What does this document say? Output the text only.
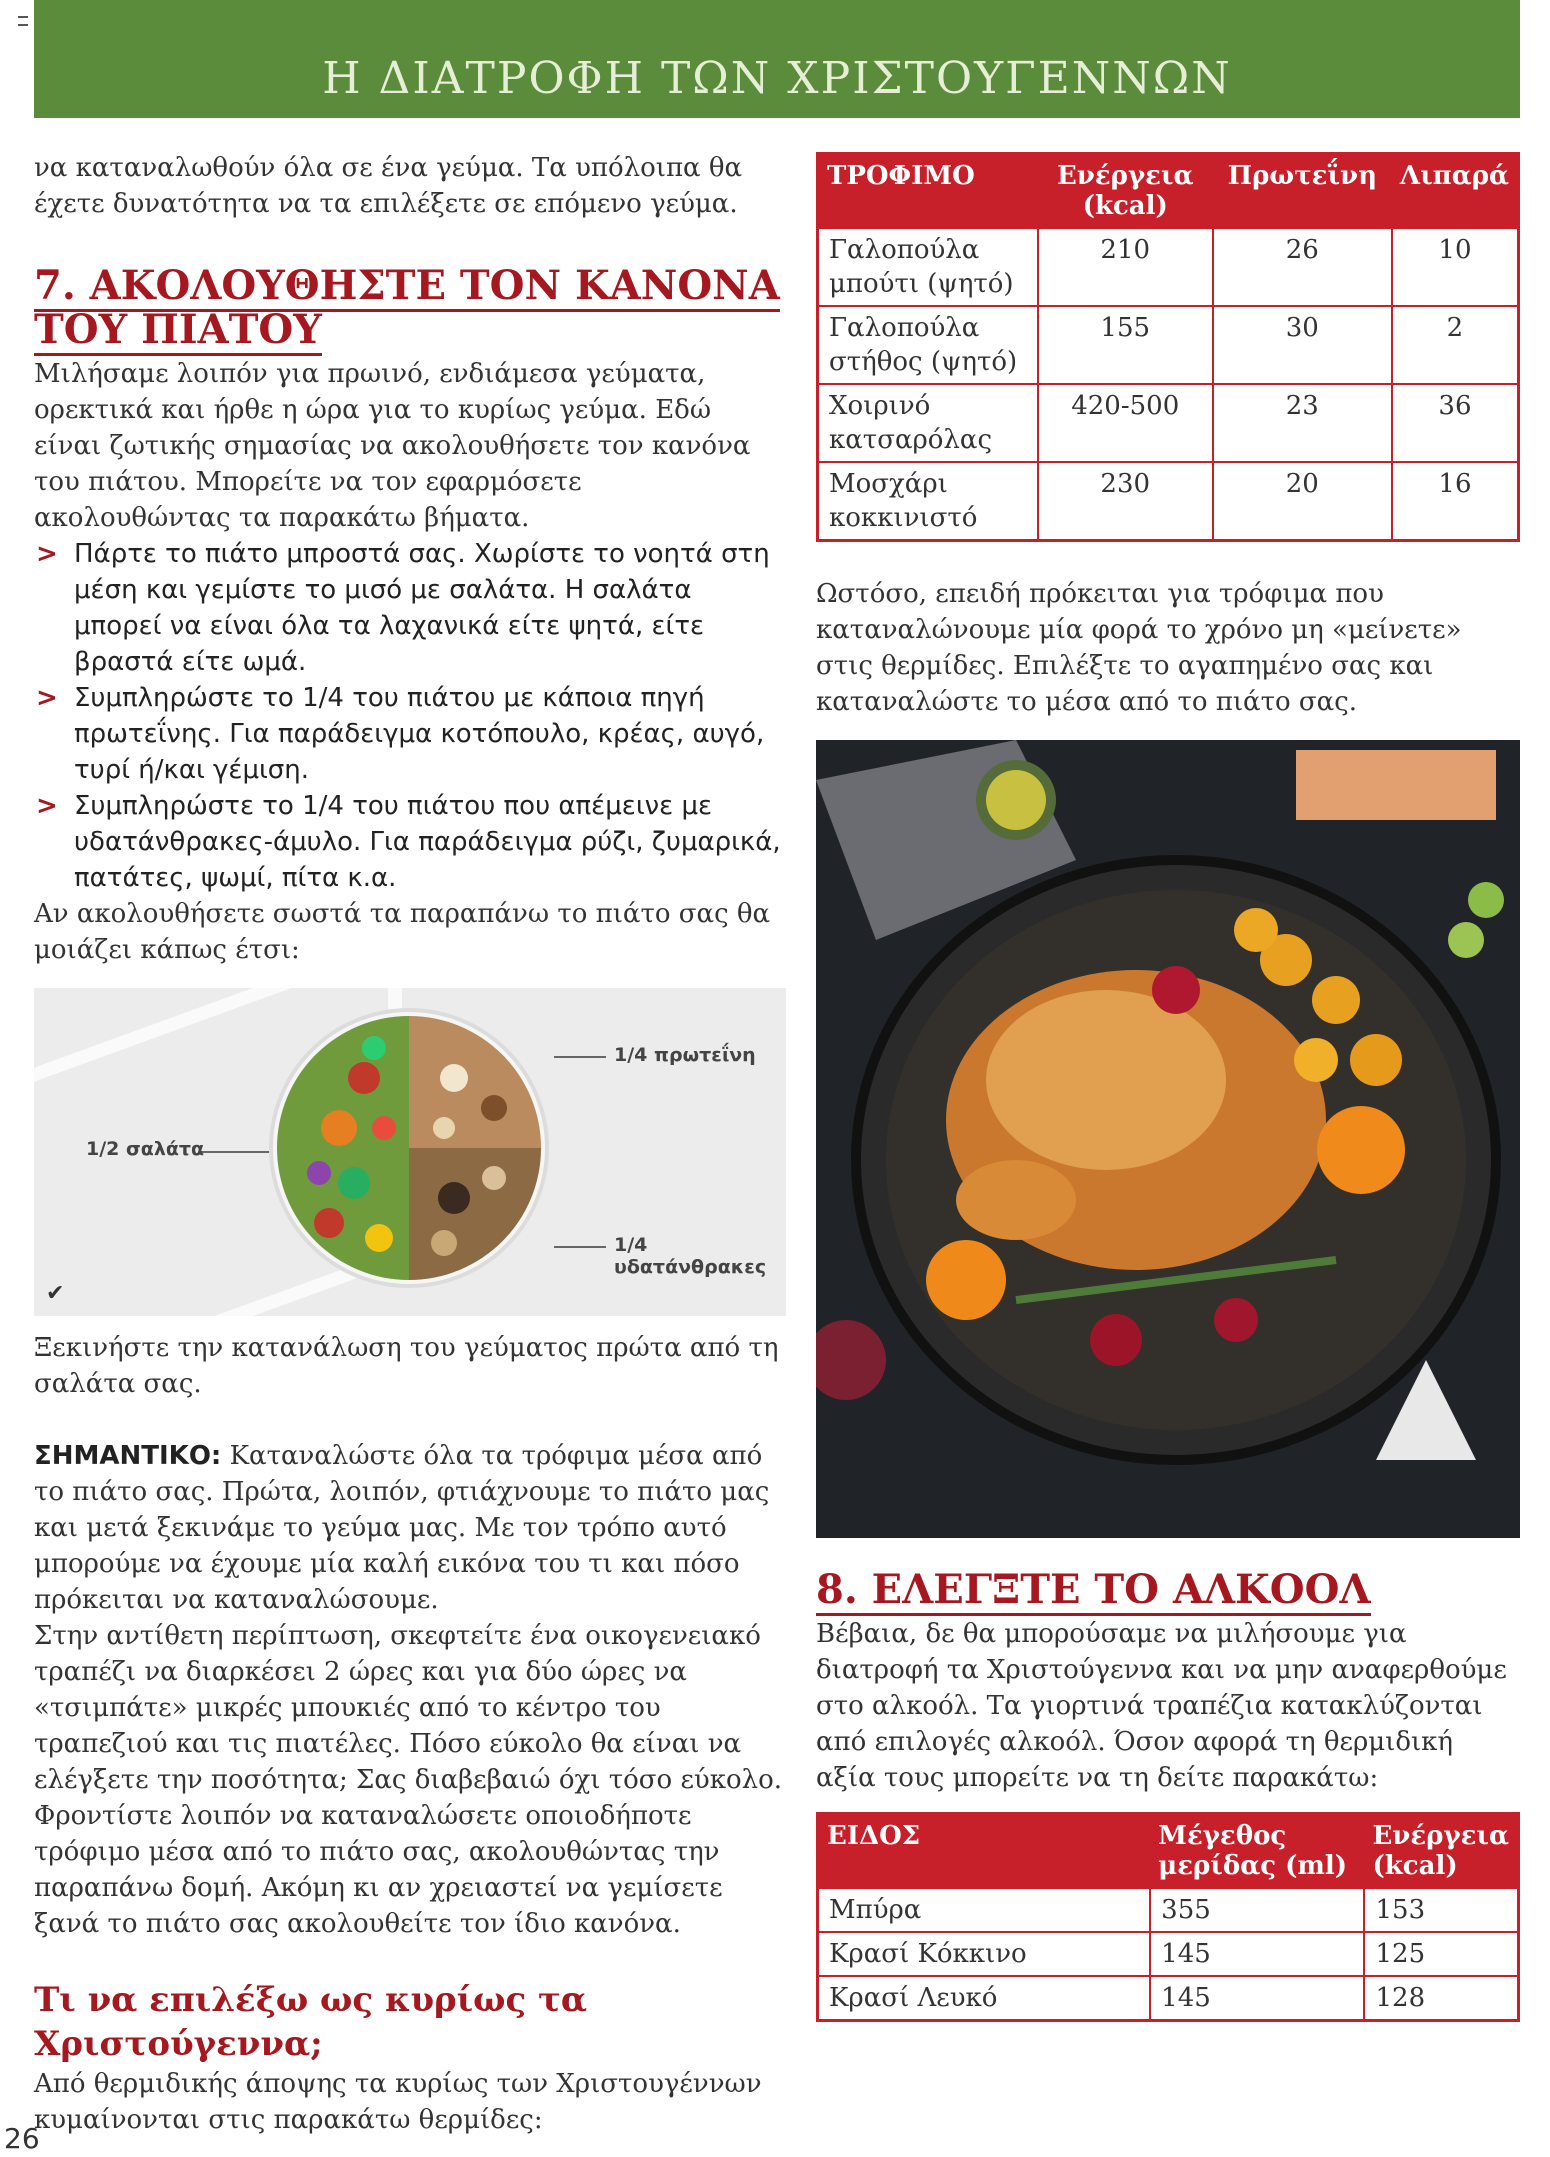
Η ΔΙΑΤΡΟΦΗ ΤΩΝ ΧΡΙΣΤΟΥΓΕΝΝΩΝ

να καταναλωθούν όλα σε ένα γεύμα. Τα υπόλοιπα θα έχετε δυνατότητα να τα επιλέξετε σε επόμενο γεύμα.

7. ΑΚΟΛΟΥΘΗΣΤΕ ΤΟΝ ΚΑΝΟΝΑ ΤΟΥ ΠΙΑΤΟΥ

Μιλήσαμε λοιπόν για πρωινό, ενδιάμεσα γεύματα, ορεκτικά και ήρθε η ώρα για το κυρίως γεύμα. Εδώ είναι ζωτικής σημασίας να ακολουθήσετε τον κανόνα του πιάτου. Μπορείτε να τον εφαρμόσετε ακολουθώντας τα παρακάτω βήματα.

> Πάρτε το πιάτο μπροστά σας. Χωρίστε το νοητά στη μέση και γεμίστε το μισό με σαλάτα. Η σαλάτα μπορεί να είναι όλα τα λαχανικά είτε ψητά, είτε βραστά είτε ωμά.
> Συμπληρώστε το 1/4 του πιάτου με κάποια πηγή πρωτεΐνης. Για παράδειγμα κοτόπουλο, κρέας, αυγό, τυρί ή/και γέμιση.
> Συμπληρώστε το 1/4 του πιάτου που απέμεινε με υδατάνθρακες-άμυλο. Για παράδειγμα ρύζι, ζυμαρικά, πατάτες, ψωμί, πίτα κ.α.

Αν ακολουθήσετε σωστά τα παραπάνω το πιάτο σας θα μοιάζει κάπως έτσι:

1/4 πρωτεΐνη
1/2 σαλάτα
1/4 υδατάνθρακες
✔

Ξεκινήστε την κατανάλωση του γεύματος πρώτα από τη σαλάτα σας.

ΣΗΜΑΝΤΙΚΟ: Καταναλώστε όλα τα τρόφιμα μέσα από το πιάτο σας. Πρώτα, λοιπόν, φτιάχνουμε το πιάτο μας και μετά ξεκινάμε το γεύμα μας. Με τον τρόπο αυτό μπορούμε να έχουμε μία καλή εικόνα του τι και πόσο πρόκειται να καταναλώσουμε.

Στην αντίθετη περίπτωση, σκεφτείτε ένα οικογενειακό τραπέζι να διαρκέσει 2 ώρες και για δύο ώρες να «τσιμπάτε» μικρές μπουκιές από το κέντρο του τραπεζιού και τις πιατέλες. Πόσο εύκολο θα είναι να ελέγξετε την ποσότητα; Σας διαβεβαιώ όχι τόσο εύκολο. Φροντίστε λοιπόν να καταναλώσετε οποιοδήποτε τρόφιμο μέσα από το πιάτο σας, ακολουθώντας την παραπάνω δομή. Ακόμη κι αν χρειαστεί να γεμίσετε ξανά το πιάτο σας ακολουθείτε τον ίδιο κανόνα.

Τι να επιλέξω ως κυρίως τα Χριστούγεννα;

Από θερμιδικής άποψης τα κυρίως των Χριστουγέννων κυμαίνονται στις παρακάτω θερμίδες:

ΤΡΟΦΙΜΟ	Ενέργεια (kcal)	Πρωτεΐνη	Λιπαρά
Γαλοπούλα μπούτι (ψητό)	210	26	10
Γαλοπούλα στήθος (ψητό)	155	30	2
Χοιρινό κατσαρόλας	420-500	23	36
Μοσχάρι κοκκινιστό	230	20	16

Ωστόσο, επειδή πρόκειται για τρόφιμα που καταναλώνουμε μία φορά το χρόνο μη «μείνετε» στις θερμίδες. Επιλέξτε το αγαπημένο σας και καταναλώστε το μέσα από το πιάτο σας.

8. ΕΛΕΓΞΤΕ ΤΟ ΑΛΚΟΟΛ

Βέβαια, δε θα μπορούσαμε να μιλήσουμε για διατροφή τα Χριστούγεννα και να μην αναφερθούμε στο αλκοόλ. Τα γιορτινά τραπέζια κατακλύζονται από επιλογές αλκοόλ. Όσον αφορά τη θερμιδική αξία τους μπορείτε να τη δείτε παρακάτω:

ΕΙΔΟΣ	Μέγεθος μερίδας (ml)	Ενέργεια (kcal)
Μπύρα	355	153
Κρασί Κόκκινο	145	125
Κρασί Λευκό	145	128
26
